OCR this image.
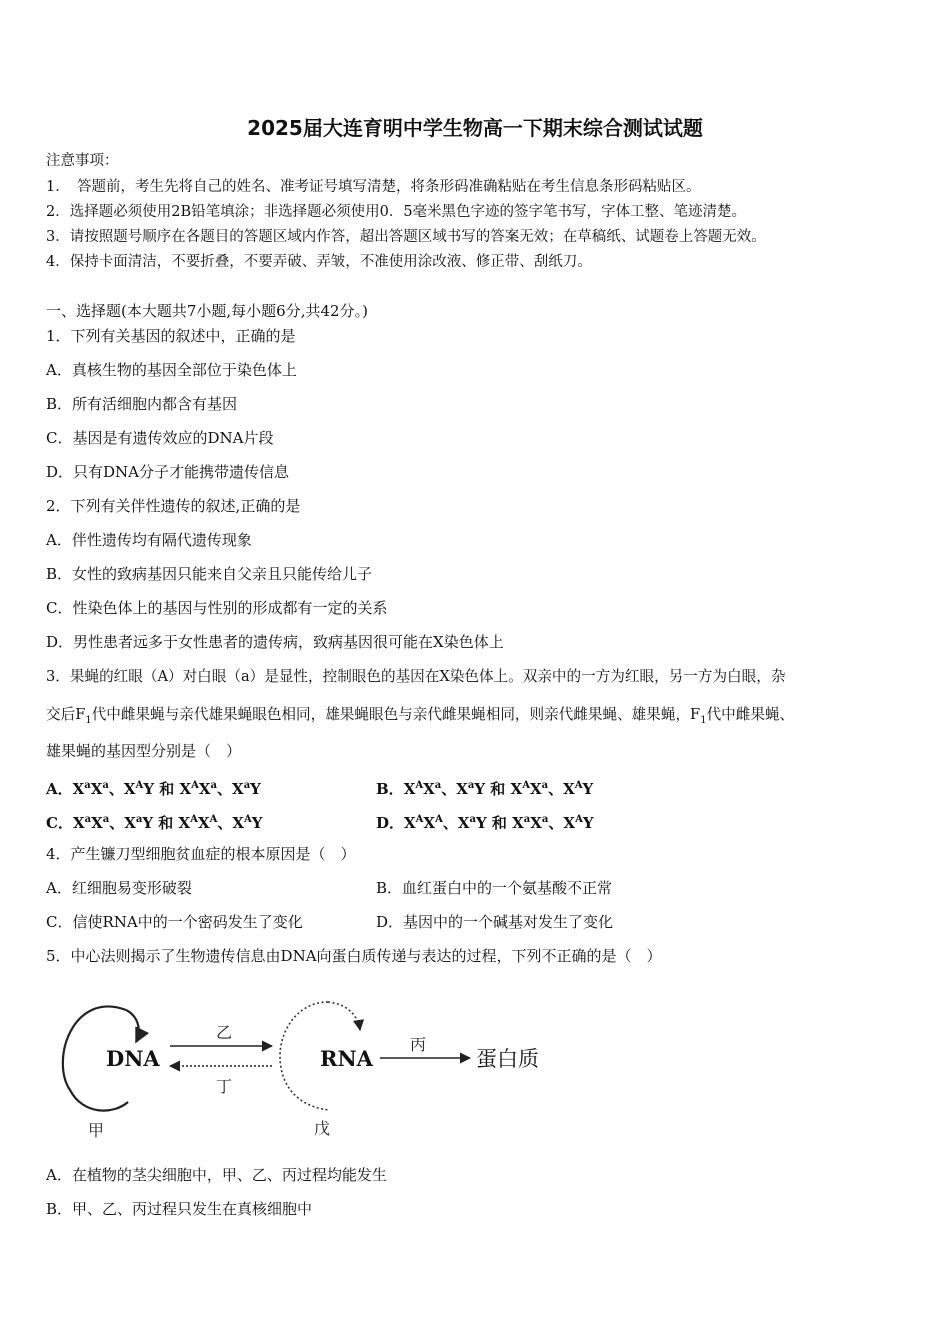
2025届大连育明中学生物高一下期末综合测试试题
注意事项：
1．　答题前，考生先将自己的姓名、准考证号填写清楚，将条形码准确粘贴在考生信息条形码粘贴区。
2．选择题必须使用2B铅笔填涂；非选择题必须使用0．5毫米黑色字迹的签字笔书写，字体工整、笔迹清楚。
3．请按照题号顺序在各题目的答题区域内作答，超出答题区域书写的答案无效；在草稿纸、试题卷上答题无效。
4．保持卡面清洁，不要折叠，不要弄破、弄皱，不准使用涂改液、修正带、刮纸刀。
一、选择题(本大题共7小题,每小题6分,共42分。)
1．下列有关基因的叙述中，正确的是
A．真核生物的基因全部位于染色体上
B．所有活细胞内都含有基因
C．基因是有遗传效应的DNA片段
D．只有DNA分子才能携带遗传信息
2．下列有关伴性遗传的叙述,正确的是
A．伴性遗传均有隔代遗传现象
B．女性的致病基因只能来自父亲且只能传给儿子
C．性染色体上的基因与性别的形成都有一定的关系
D．男性患者远多于女性患者的遗传病，致病基因很可能在X染色体上
3．果蝇的红眼（A）对白眼（a）是显性，控制眼色的基因在X染色体上。双亲中的一方为红眼，另一方为白眼，杂
交后$F_1$代中雌果蝇与亲代雄果蝇眼色相同，雄果蝇眼色与亲代雌果蝇相同，则亲代雌果蝇、雄果蝇，$F_1$代中雌果蝇、
雄果蝇的基因型分别是（　）
A．$X^aX^a$、$X^AY$ 和 $X^AX^a$、$X^aY$	B．$X^AX^a$、$X^aY$ 和 $X^AX^a$、$X^AY$
C．$X^aX^a$、$X^aY$ 和 $X^AX^A$、$X^AY$	D．$X^AX^A$、$X^aY$ 和 $X^aX^a$、$X^AY$
4．产生镰刀型细胞贫血症的根本原因是（　）
A．红细胞易变形破裂	B．血红蛋白中的一个氨基酸不正常
C．信使RNA中的一个密码发生了变化	D．基因中的一个碱基对发生了变化
5．中心法则揭示了生物遗传信息由DNA向蛋白质传递与表达的过程，下列不正确的是（　）
DNA
乙
丁
RNA
丙
蛋白质
甲	戊
A．在植物的茎尖细胞中，甲、乙、丙过程均能发生
B．甲、乙、丙过程只发生在真核细胞中
